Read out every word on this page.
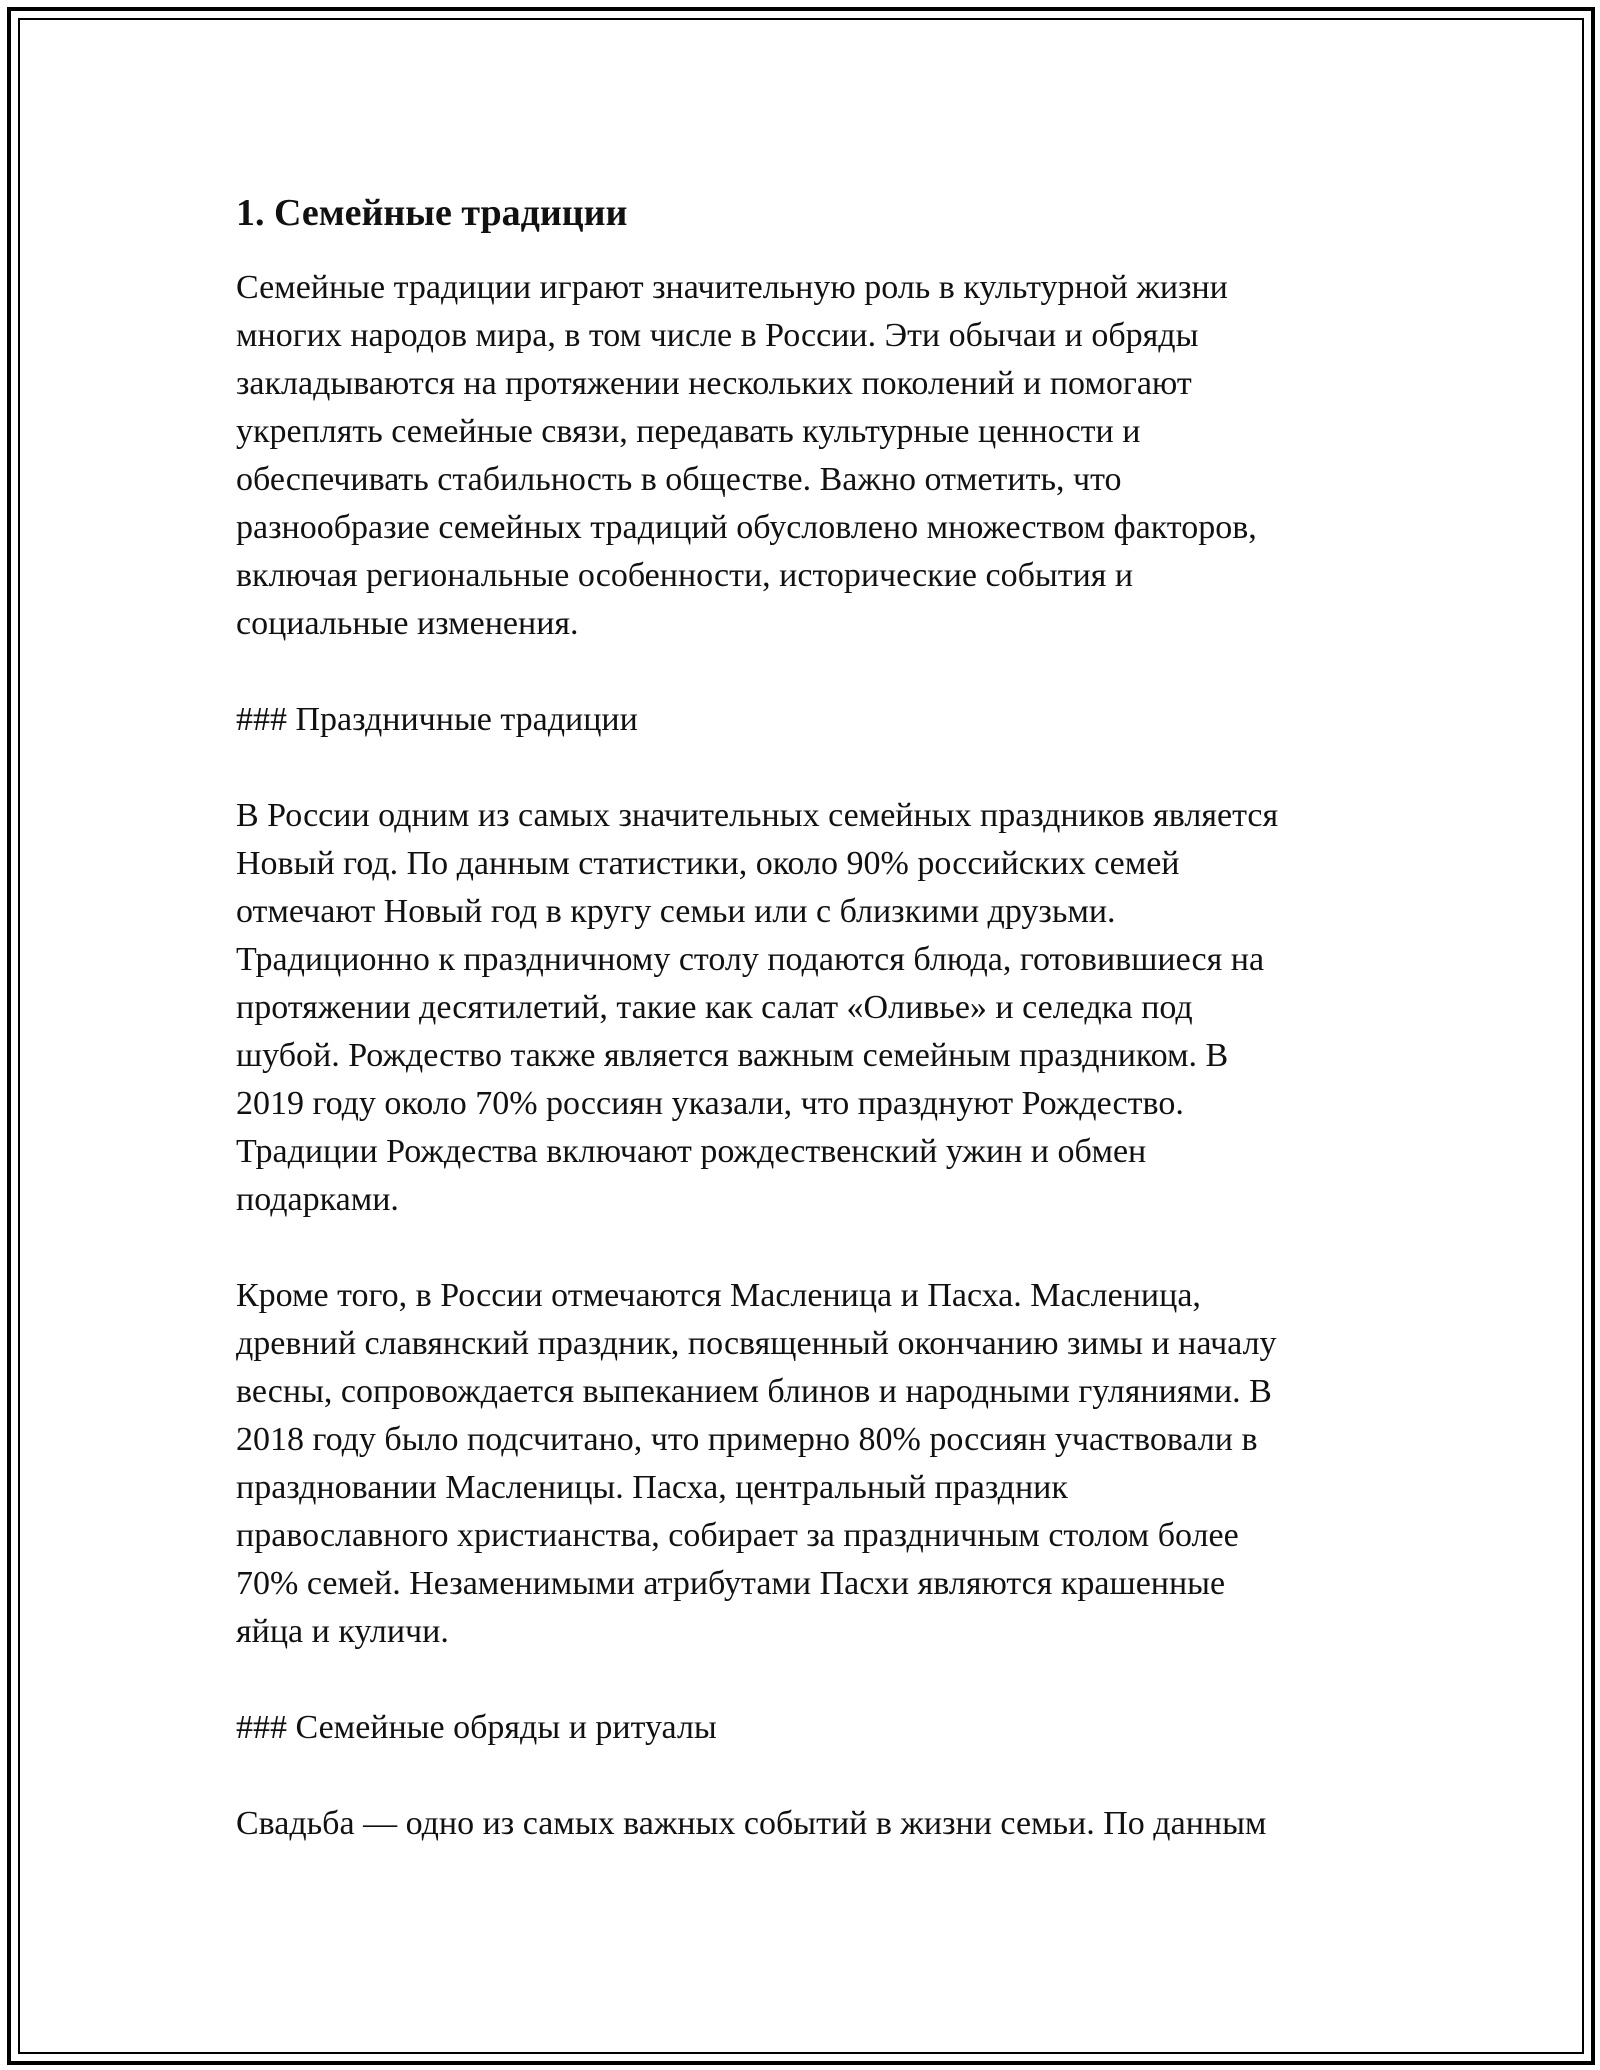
1. Семейные традиции
Семейные традиции играют значительную роль в культурной жизни
многих народов мира, в том числе в России. Эти обычаи и обряды
закладываются на протяжении нескольких поколений и помогают
укреплять семейные связи, передавать культурные ценности и
обеспечивать стабильность в обществе. Важно отметить, что
разнообразие семейных традиций обусловлено множеством факторов,
включая региональные особенности, исторические события и
социальные изменения.
### Праздничные традиции
В России одним из самых значительных семейных праздников является
Новый год. По данным статистики, около 90% российских семей
отмечают Новый год в кругу семьи или с близкими друзьми.
Традиционно к праздничному столу подаются блюда, готовившиеся на
протяжении десятилетий, такие как салат «Оливье» и селедка под
шубой. Рождество также является важным семейным праздником. В
2019 году около 70% россиян указали, что празднуют Рождество.
Традиции Рождества включают рождественский ужин и обмен
подарками.
Кроме того, в России отмечаются Масленица и Пасха. Масленица,
древний славянский праздник, посвященный окончанию зимы и началу
весны, сопровождается выпеканием блинов и народными гуляниями. В
2018 году было подсчитано, что примерно 80% россиян участвовали в
праздновании Масленицы. Пасха, центральный праздник
православного христианства, собирает за праздничным столом более
70% семей. Незаменимыми атрибутами Пасхи являются крашенные
яйца и куличи.
### Семейные обряды и ритуалы
Свадьба — одно из самых важных событий в жизни семьи. По данным
